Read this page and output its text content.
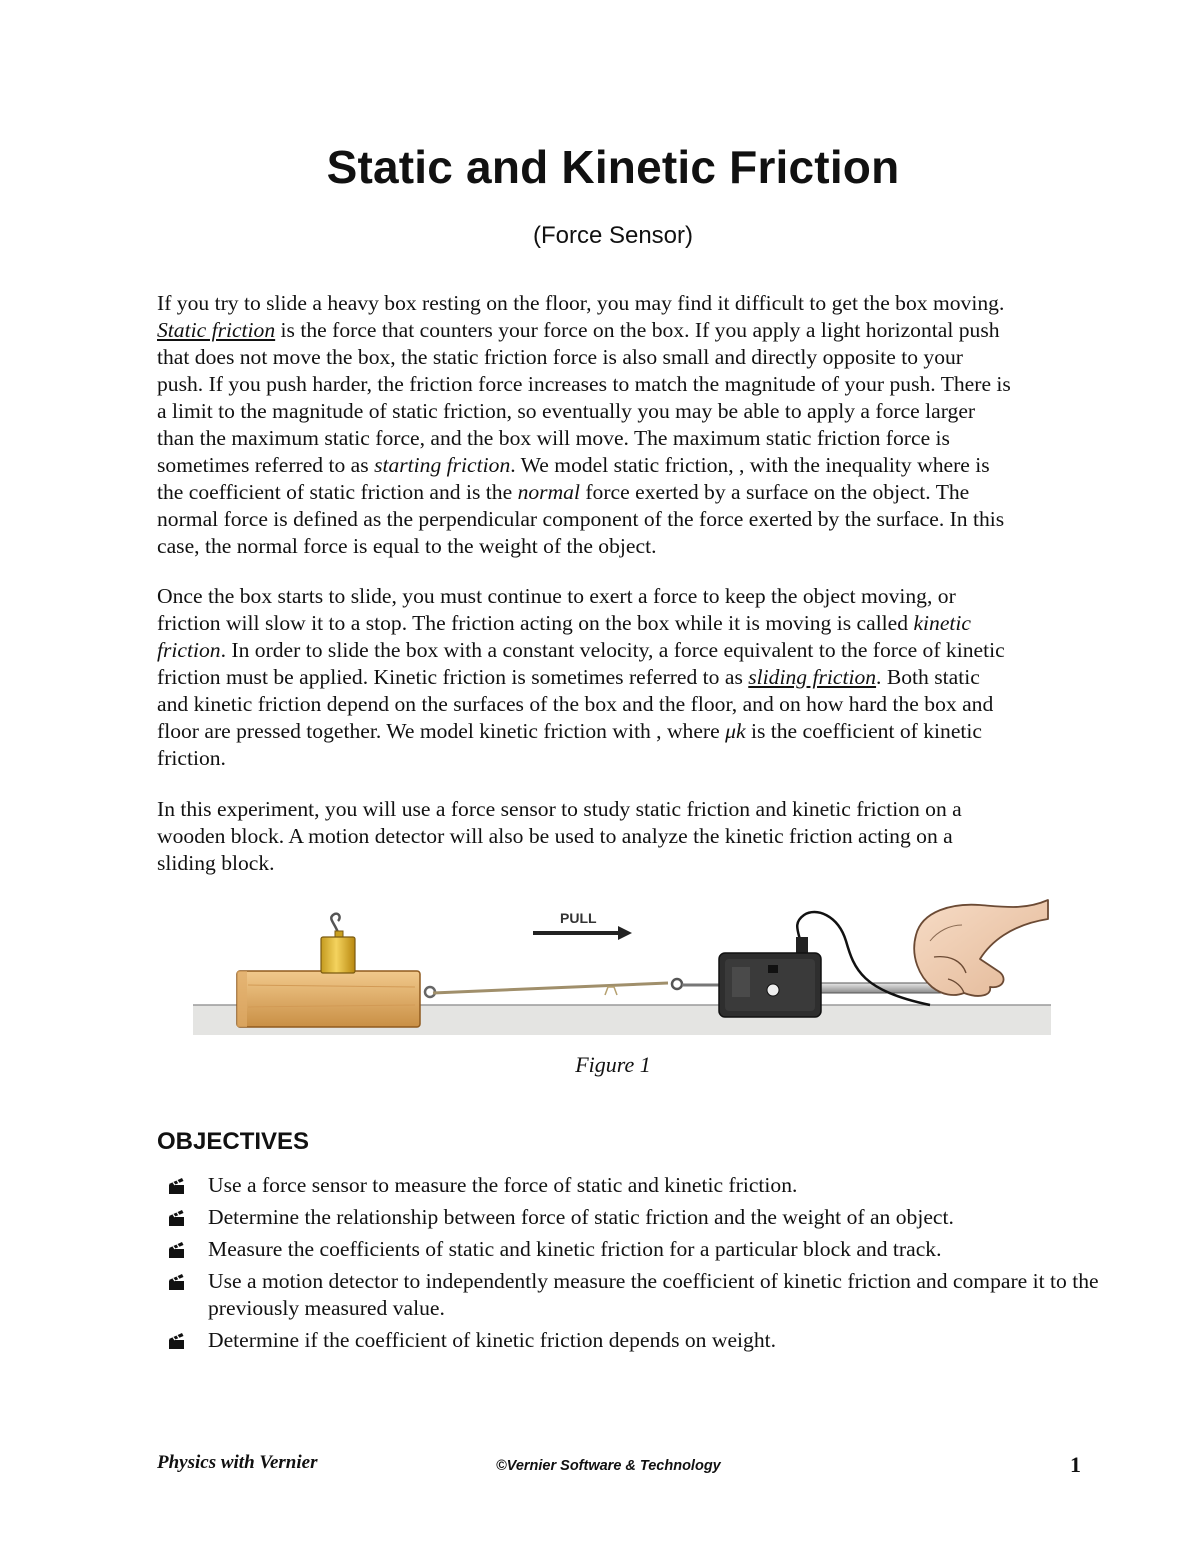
Static and Kinetic Friction

(Force Sensor)

If you try to slide a heavy box resting on the floor, you may find it difficult to get the box moving.
Static friction is the force that counters your force on the box. If you apply a light horizontal push
that does not move the box, the static friction force is also small and directly opposite to your
push. If you push harder, the friction force increases to match the magnitude of your push. There is
a limit to the magnitude of static friction, so eventually you may be able to apply a force larger
than the maximum static force, and the box will move. The maximum static friction force is
sometimes referred to as starting friction. We model static friction, , with the inequality where is
the coefficient of static friction and is the normal force exerted by a surface on the object. The
normal force is defined as the perpendicular component of the force exerted by the surface. In this
case, the normal force is equal to the weight of the object.
Once the box starts to slide, you must continue to exert a force to keep the object moving, or
friction will slow it to a stop. The friction acting on the box while it is moving is called kinetic
friction. In order to slide the box with a constant velocity, a force equivalent to the force of kinetic
friction must be applied. Kinetic friction is sometimes referred to as sliding friction. Both static
and kinetic friction depend on the surfaces of the box and the floor, and on how hard the box and
floor are pressed together. We model kinetic friction with , where μk is the coefficient of kinetic
friction.
In this experiment, you will use a force sensor to study static friction and kinetic friction on a
wooden block. A motion detector will also be used to analyze the kinetic friction acting on a
sliding block.
PULL

Figure 1

OBJECTIVES
Use a force sensor to measure the force of static and kinetic friction.
Determine the relationship between force of static friction and the weight of an object.
Measure the coefficients of static and kinetic friction for a particular block and track.
Use a motion detector to independently measure the coefficient of kinetic friction and compare it to the previously measured value.
Determine if the coefficient of kinetic friction depends on weight.

Physics with Vernier	©Vernier Software & Technology	1
